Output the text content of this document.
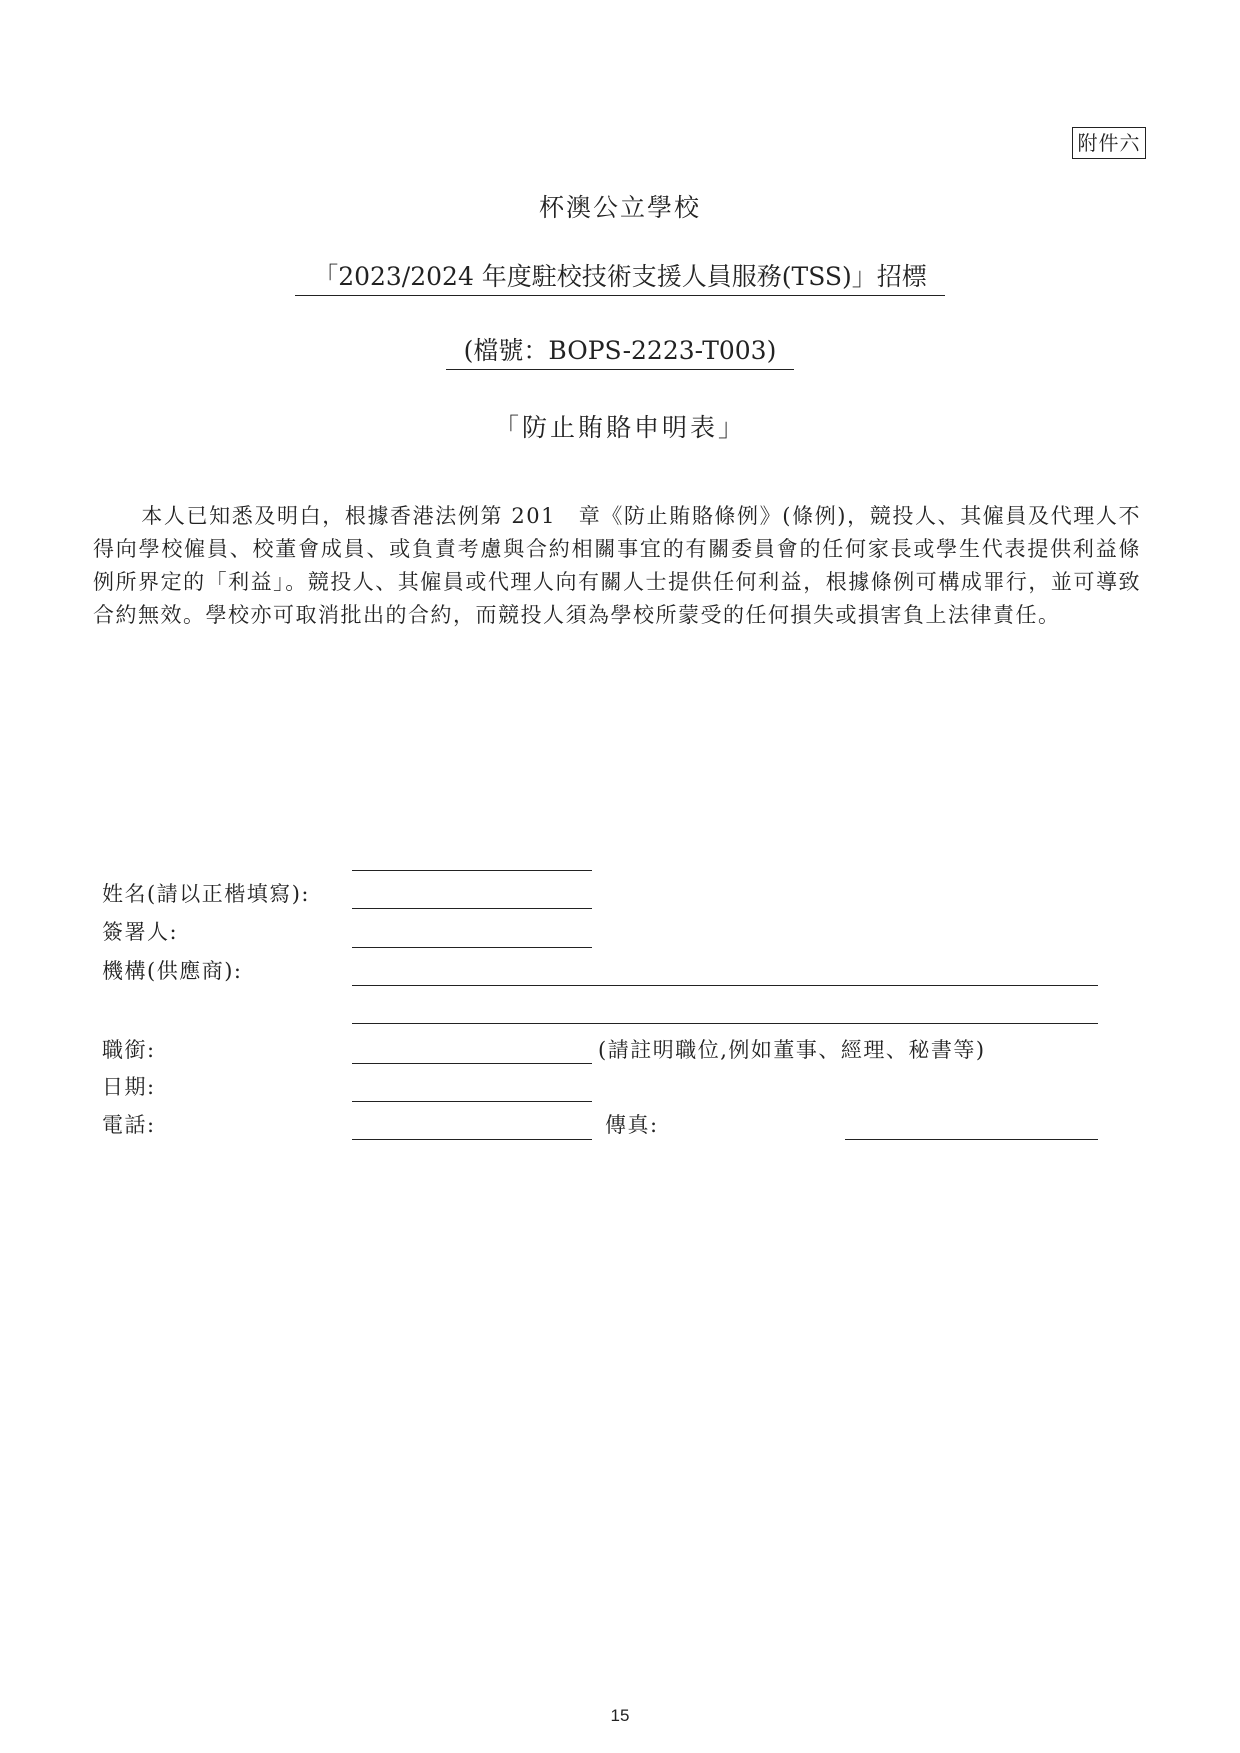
附件六
杯澳公立學校
「2023/2024 年度駐校技術支援人員服務(TSS)」招標
(檔號：BOPS-2223-T003)
「防止賄賂申明表」
本人已知悉及明白，根據香港法例第 201　章《防止賄賂條例》(條例)，競投人、其僱員及代理人不得向學校僱員、校董會成員、或負責考慮與合約相關事宜的有關委員會的任何家長或學生代表提供利益條例所界定的「利益」。競投人、其僱員或代理人向有關人士提供任何利益，根據條例可構成罪行，並可導致合約無效。學校亦可取消批出的合約，而競投人須為學校所蒙受的任何損失或損害負上法律責任。
姓名(請以正楷填寫):
簽署人:
機構(供應商):
職銜:	(請註明職位,例如董事、經理、秘書等)
日期:
電話:	傳真:
15
